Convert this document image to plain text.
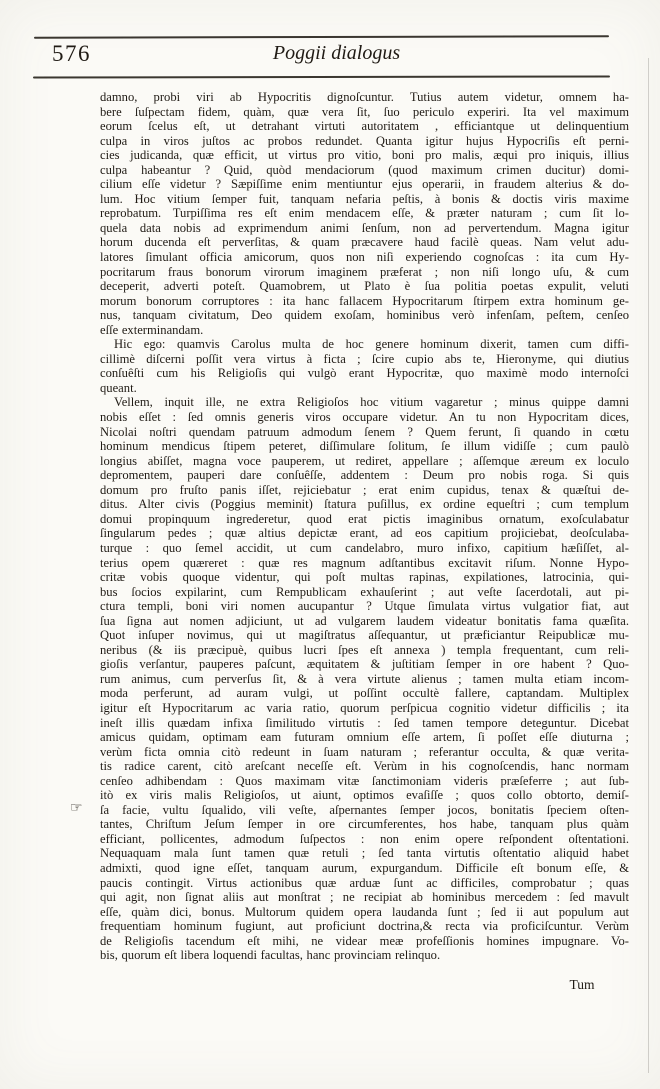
576	Poggii dialogus
damno, probi viri ab Hypocritis dignoſcuntur. Tutius autem videtur, omnem ha-
bere ſuſpectam fidem, quàm, quæ vera ſit, ſuo periculo experiri. Ita vel maximum
eorum ſcelus eſt, ut detrahant virtuti autoritatem , efficiantque ut delinquentium
culpa in viros juſtos ac probos redundet. Quanta igitur hujus Hypocriſis eſt perni-
cies judicanda, quæ efficit, ut virtus pro vitio, boni pro malis, æqui pro iniquis, illius
culpa habeantur ? Quid, quòd mendaciorum (quod maximum crimen ducitur) domi-
cilium eſſe videtur ? Sæpiſſime enim mentiuntur ejus operarii, in fraudem alterius & do-
lum. Hoc vitium ſemper fuit, tanquam nefaria peſtis, à bonis & doctis viris maxime
reprobatum. Turpiſſima res eſt enim mendacem eſſe, & præter naturam ; cum ſit lo-
quela data nobis ad exprimendum animi ſenſum, non ad pervertendum. Magna igitur
horum ducenda eſt perverſitas, & quam præcavere haud facilè queas. Nam velut adu-
latores ſimulant officia amicorum, quos non niſi experiendo cognoſcas : ita cum Hy-
pocritarum fraus bonorum virorum imaginem præferat ; non niſi longo uſu, & cum
deceperit, adverti poteſt. Quamobrem, ut Plato è ſua politia poetas expulit, veluti
morum bonorum corruptores : ita hanc fallacem Hypocritarum ſtirpem extra hominum ge-
nus, tanquam civitatum, Deo quidem exoſam, hominibus verò infenſam, peſtem, cenſeo
eſſe exterminandam.
Hic ego: quamvis Carolus multa de hoc genere hominum dixerit, tamen cum diffi-
cillimè diſcerni poſſit vera virtus à ficta ; ſcire cupio abs te, Hieronyme, qui diutius
conſuêſti cum his Religioſis qui vulgò erant Hypocritæ, quo maximè modo internoſci
queant.
Vellem, inquit ille, ne extra Religioſos hoc vitium vagaretur ; minus quippe damni
nobis eſſet : ſed omnis generis viros occupare videtur. An tu non Hypocritam dices,
Nicolai noſtri quendam patruum admodum ſenem ? Quem ferunt, ſi quando in cœtu
hominum mendicus ſtipem peteret, diſſimulare ſolitum, ſe illum vidiſſe ; cum paulò
longius abiſſet, magna voce pauperem, ut rediret, appellare ; aſſemque æreum ex loculo
depromentem, pauperi dare conſuêſſe, addentem : Deum pro nobis roga. Si quis
domum pro fruſto panis iſſet, rejiciebatur ; erat enim cupidus, tenax & quæſtui de-
ditus. Alter civis (Poggius meminit) ſtatura puſillus, ex ordine equeſtri ; cum templum
domui propinquum ingrederetur, quod erat pictis imaginibus ornatum, exoſculabatur
ſingularum pedes ; quæ altius depictæ erant, ad eos capitium projiciebat, deoſculaba-
turque : quo ſemel accidit, ut cum candelabro, muro infixo, capitium hæſiſſet, al-
terius opem quæreret : quæ res magnum adſtantibus excitavit riſum. Nonne Hypo-
critæ vobis quoque videntur, qui poſt multas rapinas, expilationes, latrocinia, qui-
bus ſocios expilarint, cum Rempublicam exhauſerint ; aut veſte ſacerdotali, aut pi-
ctura templi, boni viri nomen aucupantur ? Utque ſimulata virtus vulgatior fiat, aut
ſua ſigna aut nomen adjiciunt, ut ad vulgarem laudem videatur bonitatis fama quæſita.
Quot inſuper novimus, qui ut magiſtratus aſſequantur, ut præficiantur Reipublicæ mu-
neribus (& iis præcipuè, quibus lucri ſpes eſt annexa ) templa frequentant, cum reli-
gioſis verſantur, pauperes paſcunt, æquitatem & juſtitiam ſemper in ore habent ? Quo-
rum animus, cum perverſus ſit, & à vera virtute alienus ; tamen multa etiam incom-
moda perferunt, ad auram vulgi, ut poſſint occultè fallere, captandam. Multiplex
igitur eſt Hypocritarum ac varia ratio, quorum perſpicua cognitio videtur difficilis ; ita
ineſt illis quædam infixa ſimilitudo virtutis : ſed tamen tempore deteguntur. Dicebat
amicus quidam, optimam eam futuram omnium eſſe artem, ſi poſſet eſſe diuturna ;
verùm ficta omnia citò redeunt in ſuam naturam ; referantur occulta, & quæ verita-
tis radice carent, citò areſcant neceſſe eſt. Verùm in his cognoſcendis, hanc normam
cenſeo adhibendam : Quos maximam vitæ ſanctimoniam videris præſeferre ; aut ſub-
itò ex viris malis Religioſos, ut aiunt, optimos evaſiſſe ; quos collo obtorto, demiſ-
ſa facie, vultu ſqualido, vili veſte, aſpernantes ſemper jocos, bonitatis ſpeciem oſten-
tantes, Chriſtum Jeſum ſemper in ore circumferentes, hos habe, tanquam plus quàm
efficiant, pollicentes, admodum ſuſpectos : non enim opere reſpondent oſtentationi.
Nequaquam mala ſunt tamen quæ retuli ; ſed tanta virtutis oſtentatio aliquid habet
admixti, quod igne eſſet, tanquam aurum, expurgandum. Difficile eſt bonum eſſe, &
paucis contingit. Virtus actionibus quæ arduæ ſunt ac difficiles, comprobatur ; quas
qui agit, non ſignat aliis aut monſtrat ; ne recipiat ab hominibus mercedem : ſed mavult
eſſe, quàm dici, bonus. Multorum quidem opera laudanda ſunt ; ſed ii aut populum aut
frequentiam hominum fugiunt, aut proficiunt doctrina,& recta via proficiſcuntur. Verùm
de Religioſis tacendum eſt mihi, ne videar meæ profeſſionis homines impugnare. Vo-
bis, quorum eſt libera loquendi facultas, hanc provinciam relinquo.
☞
Tum
